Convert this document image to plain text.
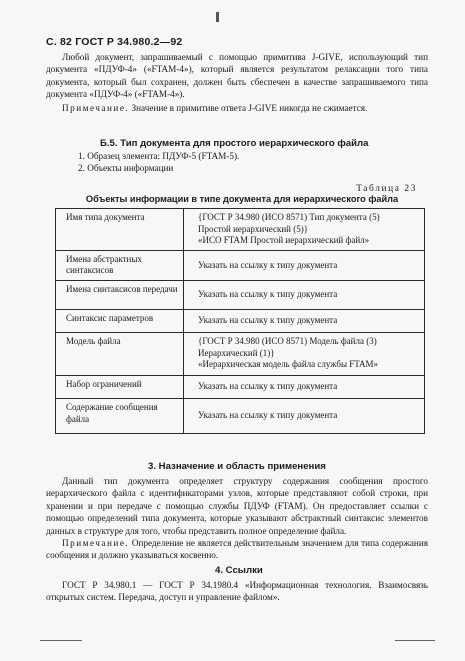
С. 82 ГОСТ Р 34.980.2—92
Любой документ, запрашиваемый с помощью примитива J-GIVE, использующий тип документа «ПДУФ-4» («FTAM-4»), который является результатом релаксации того типа документа, который был сохранен, должен быть сбеспечен в качестве запрашиваемого типа документа «ПДУФ-4» («FTAM-4»).
Примечание. Значение в примитиве ответа J-GIVE никогда не сжимается.
Б.5. Тип документа для простого иерархического файла
1. Образец элемента: ПДУФ-5 (FTAM-5).
2. Объекты информации
Таблица 23
Объекты информации в типе документа для иерархического файла
Имя типа документа	{ГОСТ Р 34.980 (ИСО 8571) Тип документа (5)
Простой иерархический (5)}
«ИСО FTAM Простой иерархический файл»

Имена абстрактных синтаксисов	Указать на ссылку к типу документа

Имена синтаксисов передачи	Указать на ссылку к типу документа

Синтаксис параметров	Указать на ссылку к типу документа

Модель файла	{ГОСТ Р 34.980 (ИСО 8571) Модель файла (3)
Иерархический (1)}
«Иерархическая модель файла службы FTAM»

Набор ограничений	Указать на ссылку к типу документа

Содержание сообщения файла	Указать на ссылку к типу документа
3. Назначение и область применения
Данный тип документа определяет структуру содержания сообщения простого иерархического файла с идентификаторами узлов, которые представляют собой строки, при хранении и при передаче с помощью службы ПДУФ (FTAM). Он предоставляет ссылки с помощью определений типа документа, которые указывают абстрактный синтаксис элементов данных в структуре для того, чтобы представить полное определение файла.
Примечание. Определение не является действительным значением для типа содержания сообщения и должно указываться косвенно.
4. Ссылки
ГОСТ Р 34.980.1 — ГОСТ Р 34.1980.4 «Информационная технология. Взаимосвязь открытых систем. Передача, доступ и управление файлом».
